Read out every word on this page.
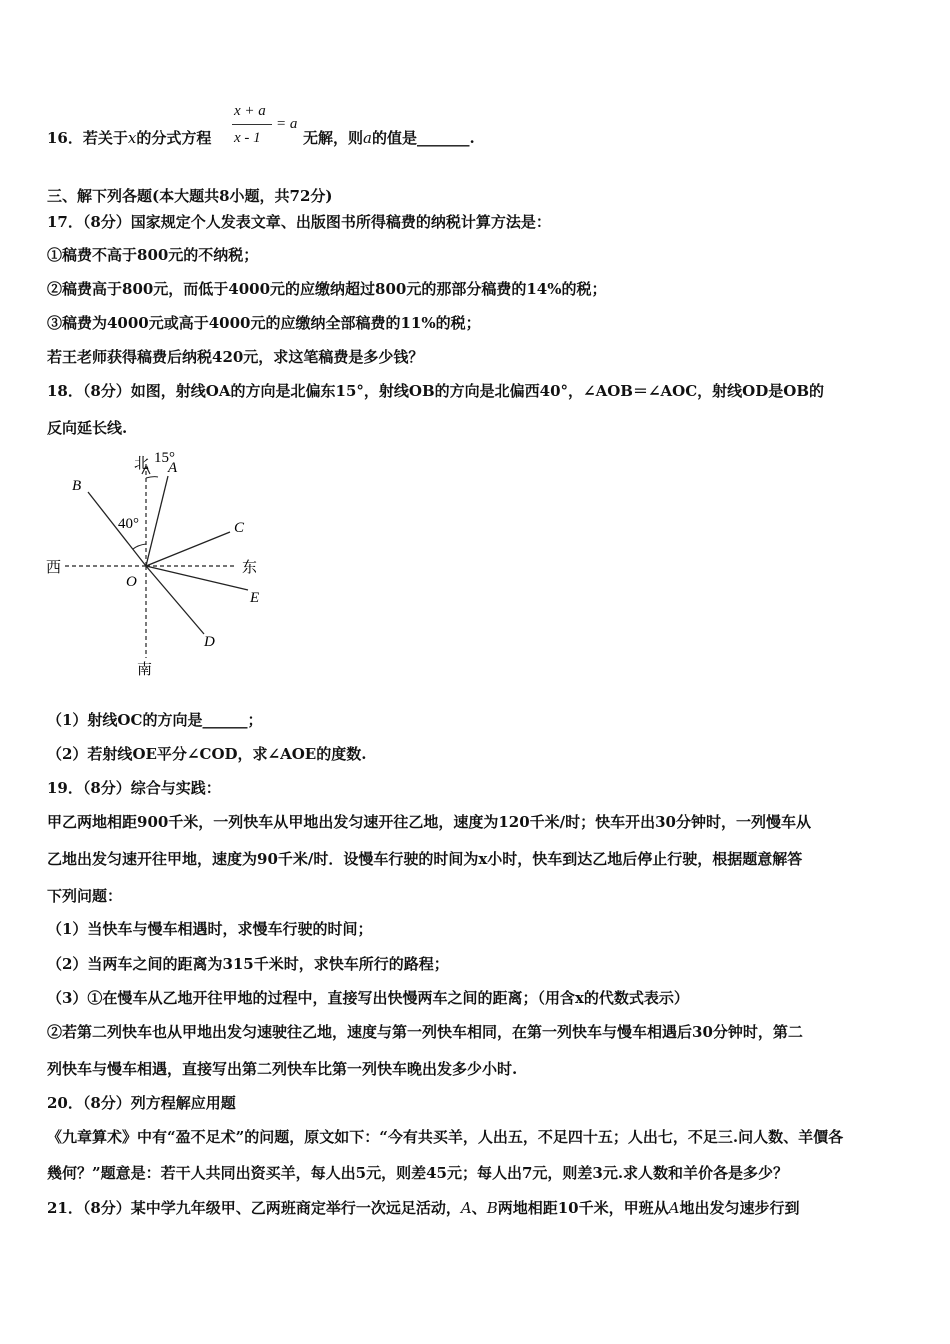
16．若关于x的分式方程
x + a
x - 1
= a
无解，则a的值是_______.
三、解下列各题(本大题共8小题，共72分)
17．（8分）国家规定个人发表文章、出版图书所得稿费的纳税计算方法是：
①稿费不高于800元的不纳税；
②稿费高于800元，而低于4000元的应缴纳超过800元的那部分稿费的14%的税；
③稿费为4000元或高于4000元的应缴纳全部稿费的11%的税；
若王老师获得稿费后纳税420元，求这笔稿费是多少钱？
18．（8分）如图，射线OA的方向是北偏东15°，射线OB的方向是北偏西40°，∠AOB＝∠AOC，射线OD是OB的
反向延长线.
北 15°
A
B
40°	C
西	东
O
E
D
南
（1）射线OC的方向是______；
（2）若射线OE平分∠COD，求∠AOE的度数.
19．（8分）综合与实践：
甲乙两地相距900千米，一列快车从甲地出发匀速开往乙地，速度为120千米/时；快车开出30分钟时，一列慢车从
乙地出发匀速开往甲地，速度为90千米/时．设慢车行驶的时间为x小时，快车到达乙地后停止行驶，根据题意解答
下列问题：
（1）当快车与慢车相遇时，求慢车行驶的时间；
（2）当两车之间的距离为315千米时，求快车所行的路程；
（3）①在慢车从乙地开往甲地的过程中，直接写出快慢两车之间的距离；（用含x的代数式表示）
②若第二列快车也从甲地出发匀速驶往乙地，速度与第一列快车相同，在第一列快车与慢车相遇后30分钟时，第二
列快车与慢车相遇，直接写出第二列快车比第一列快车晚出发多少小时.
20．（8分）列方程解应用题
《九章算术》中有“盈不足术”的问题，原文如下：“今有共买羊，人出五，不足四十五；人出七，不足三.问人数、羊價各
幾何？”题意是：若干人共同出资买羊，每人出5元，则差45元；每人出7元，则差3元.求人数和羊价各是多少？
21．（8分）某中学九年级甲、乙两班商定举行一次远足活动，A、B两地相距10千米，甲班从A地出发匀速步行到
